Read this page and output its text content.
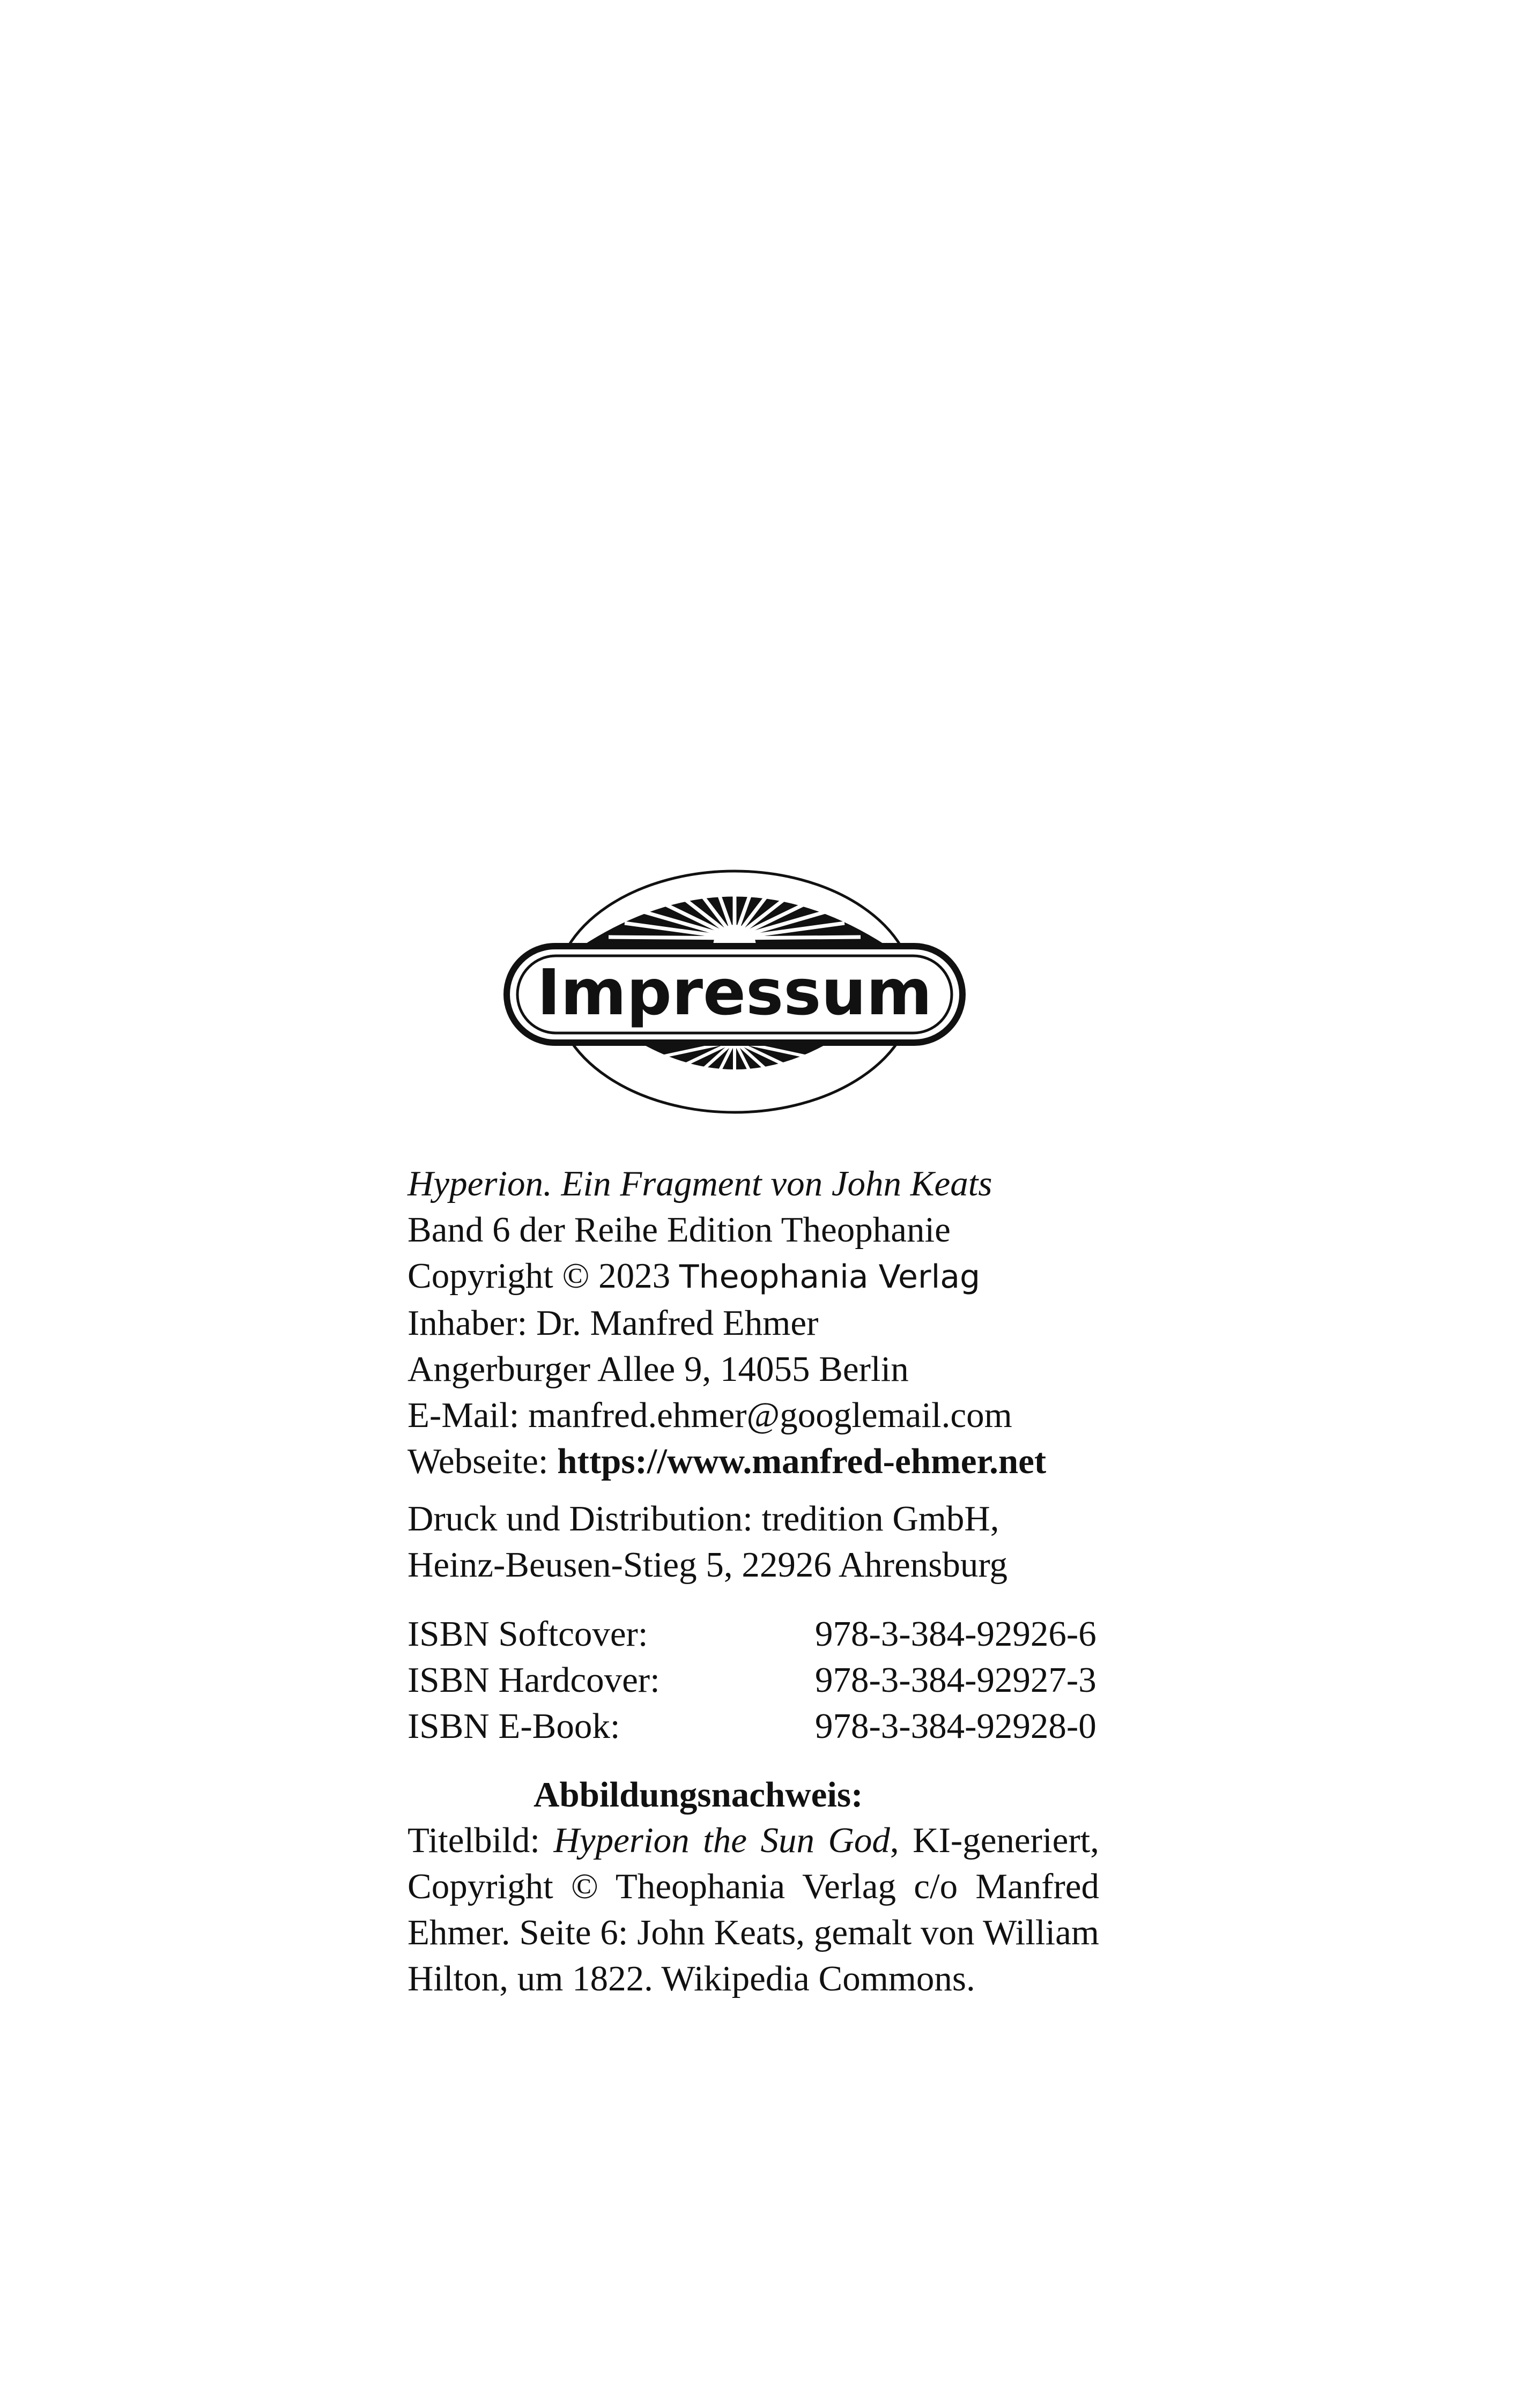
Impressum
Hyperion. Ein Fragment von John Keats
Band 6 der Reihe Edition Theophanie
Copyright © 2023 Theophania Verlag
Inhaber: Dr. Manfred Ehmer
Angerburger Allee 9, 14055 Berlin
E-Mail: manfred.ehmer@googlemail.com
Webseite: https://www.manfred-ehmer.net
Druck und Distribution: tredition GmbH,
Heinz-Beusen-Stieg 5, 22926 Ahrensburg
ISBN Softcover:	978-3-384-92926-6
ISBN Hardcover:	978-3-384-92927-3
ISBN E-Book:	978-3-384-92928-0
Abbildungsnachweis:
Titelbild: Hyperion the Sun God, KI-generiert, Copyright © Theophania Verlag c/o Manfred Ehmer. Seite 6: John Keats, gemalt von William Hilton, um 1822. Wikipedia Commons.
